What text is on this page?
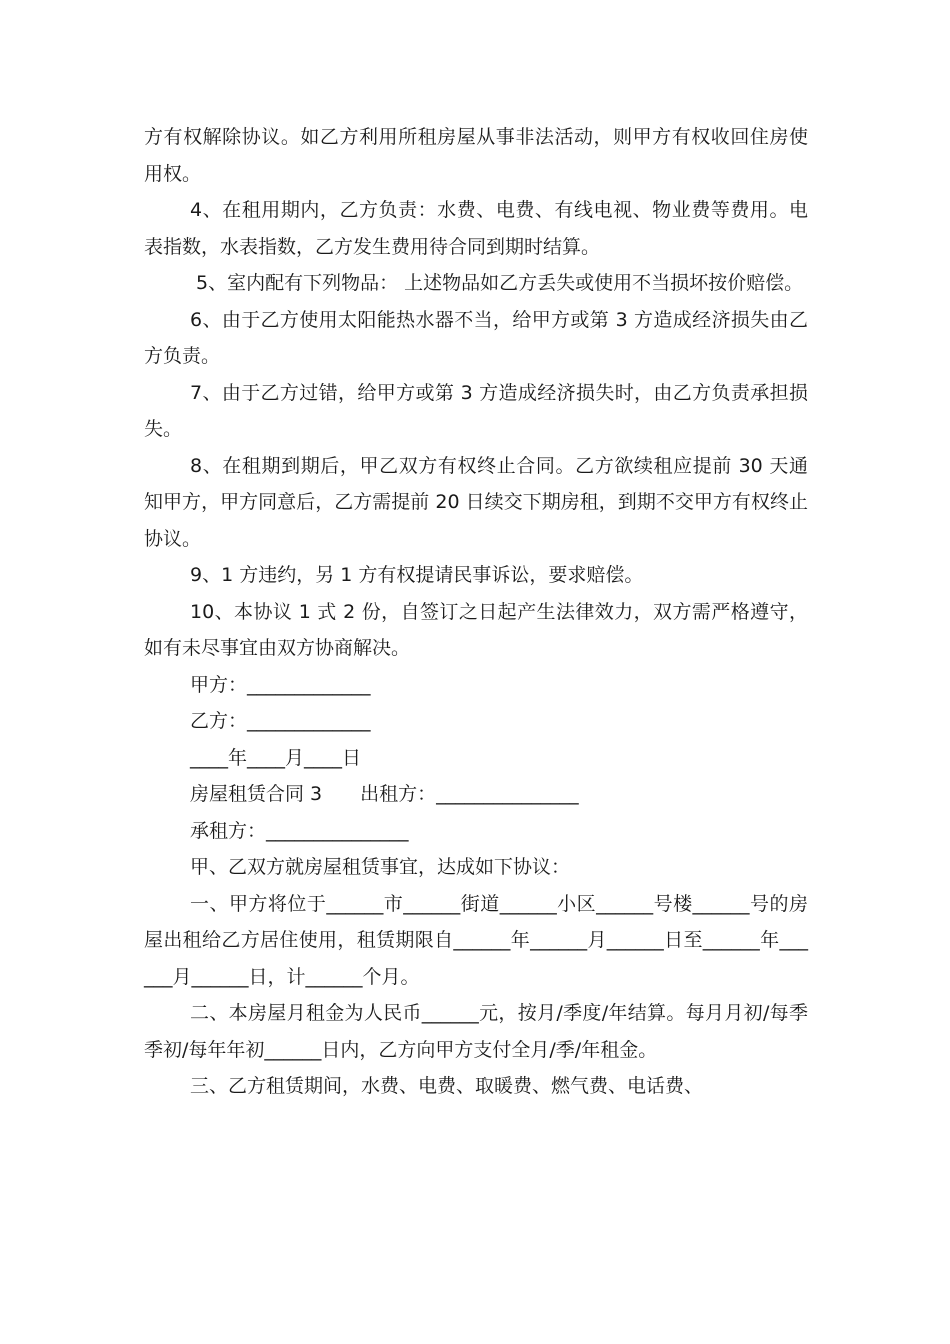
方有权解除协议。如乙方利用所租房屋从事非法活动，则甲方有权收回住房使用权。

4、在租用期内，乙方负责：水费、电费、有线电视、物业费等费用。电表指数，水表指数，乙方发生费用待合同到期时结算。

5、室内配有下列物品： 上述物品如乙方丢失或使用不当损坏按价赔偿。

6、由于乙方使用太阳能热水器不当，给甲方或第 3 方造成经济损失由乙方负责。

7、由于乙方过错，给甲方或第 3 方造成经济损失时，由乙方负责承担损失。

8、在租期到期后，甲乙双方有权终止合同。乙方欲续租应提前 30 天通知甲方，甲方同意后，乙方需提前 20 日续交下期房租，到期不交甲方有权终止协议。

9、1 方违约，另 1 方有权提请民事诉讼，要求赔偿。

10、本协议 1 式 2 份，自签订之日起产生法律效力，双方需严格遵守，如有未尽事宜由双方协商解决。

甲方：_____________

乙方：_____________

____年____月____日

房屋租赁合同 3　　出租方：_______________

承租方：_______________

甲、乙双方就房屋租赁事宜，达成如下协议：

一、甲方将位于______市______街道______小区______号楼______号的房屋出租给乙方居住使用，租赁期限自______年______月______日至______年______月______日，计______个月。

二、本房屋月租金为人民币______元，按月/季度/年结算。每月月初/每季季初/每年年初______日内，乙方向甲方支付全月/季/年租金。

三、乙方租赁期间，水费、电费、取暖费、燃气费、电话费、
